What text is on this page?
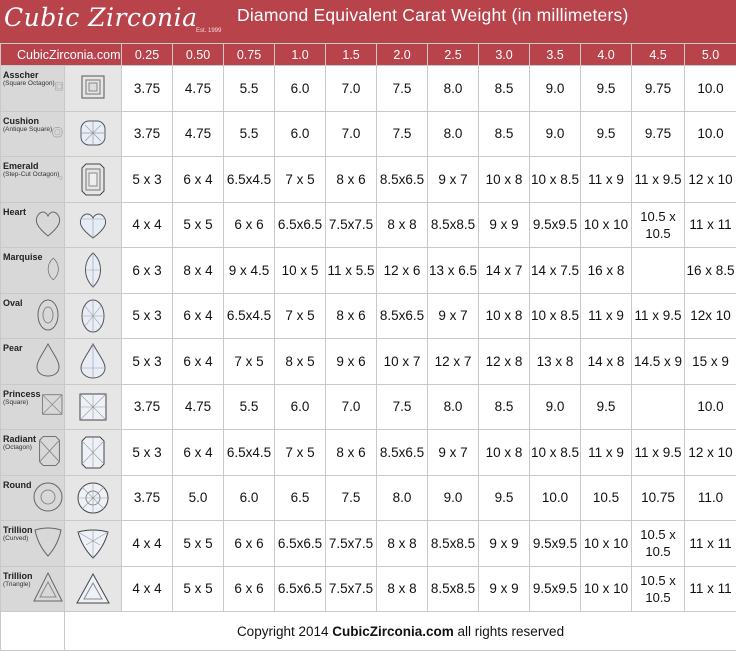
Cubic Zirconia
Est. 1999
Diamond Equivalent Carat Weight (in millimeters)
CubicZirconia.com		0.25	0.50	0.75	1.0	1.5	2.0	2.5	3.0	3.5	4.0	4.5	5.0

Asscher
(Square Octagon)		3.75	4.75	5.5	6.0	7.0	7.5	8.0	8.5	9.0	9.5	9.75	10.0

Cushion
(Antique Square)		3.75	4.75	5.5	6.0	7.0	7.5	8.0	8.5	9.0	9.5	9.75	10.0

Emerald
(Step-Cut Octagon)		5 x 3	6 x 4	6.5x4.5	7 x 5	8 x 6	8.5x6.5	9 x 7	10 x 8	10 x 8.5	11 x 9	11 x 9.5	12 x 10

Heart		4 x 4	5 x 5	6 x 6	6.5x6.5	7.5x7.5	8 x 8	8.5x8.5	9 x 9	9.5x9.5	10 x 10	10.5 x 10.5	11 x 11

Marquise		6 x 3	8 x 4	9 x 4.5	10 x 5	11 x 5.5	12 x 6	13 x 6.5	14 x 7	14 x 7.5	16 x 8		16 x 8.5

Oval		5 x 3	6 x 4	6.5x4.5	7 x 5	8 x 6	8.5x6.5	9 x 7	10 x 8	10 x 8.5	11 x 9	11 x 9.5	12x 10

Pear		5 x 3	6 x 4	7 x 5	8 x 5	9 x 6	10 x 7	12 x 7	12 x 8	13 x 8	14 x 8	14.5 x 9	15 x 9

Princess
(Square)		3.75	4.75	5.5	6.0	7.0	7.5	8.0	8.5	9.0	9.5		10.0

Radiant
(Octagon)		5 x 3	6 x 4	6.5x4.5	7 x 5	8 x 6	8.5x6.5	9 x 7	10 x 8	10 x 8.5	11 x 9	11 x 9.5	12 x 10

Round		3.75	5.0	6.0	6.5	7.5	8.0	9.0	9.5	10.0	10.5	10.75	11.0

Trillion
(Curved)		4 x 4	5 x 5	6 x 6	6.5x6.5	7.5x7.5	8 x 8	8.5x8.5	9 x 9	9.5x9.5	10 x 10	10.5 x 10.5	11 x 11

Trillion
(Triangle)		4 x 4	5 x 5	6 x 6	6.5x6.5	7.5x7.5	8 x 8	8.5x8.5	9 x 9	9.5x9.5	10 x 10	10.5 x 10.5	11 x 11
	Copyright 2014 CubicZirconia.com all rights reserved												
